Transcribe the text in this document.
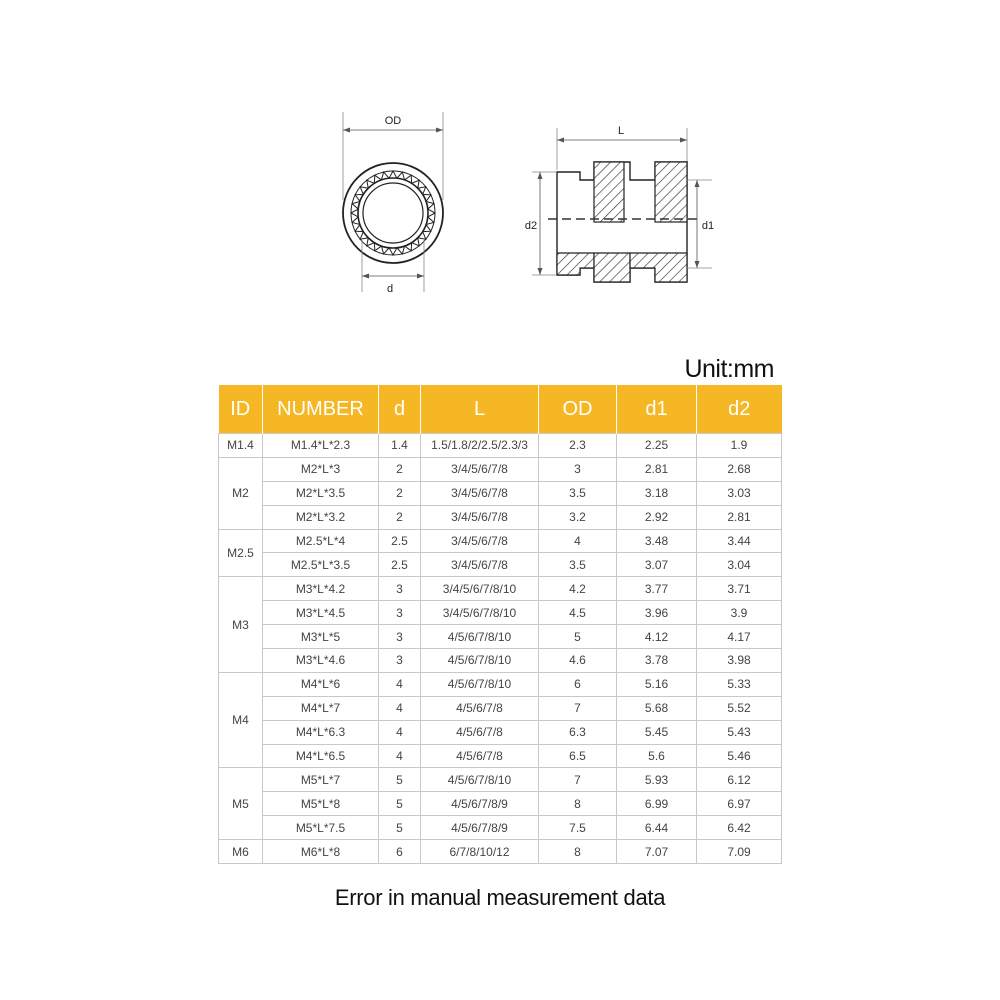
OD
d
L
d2	d1
Unit:mm
ID	NUMBER	d	L	OD	d1	d2
M1.4	M1.4*L*2.3	1.4	1.5/1.8/2/2.5/2.3/3	2.3	2.25	1.9
M2	M2*L*3	2	3/4/5/6/7/8	3	2.81	2.68
	M2*L*3.5	2	3/4/5/6/7/8	3.5	3.18	3.03
	M2*L*3.2	2	3/4/5/6/7/8	3.2	2.92	2.81
M2.5	M2.5*L*4	2.5	3/4/5/6/7/8	4	3.48	3.44
	M2.5*L*3.5	2.5	3/4/5/6/7/8	3.5	3.07	3.04
M3	M3*L*4.2	3	3/4/5/6/7/8/10	4.2	3.77	3.71
	M3*L*4.5	3	3/4/5/6/7/8/10	4.5	3.96	3.9
	M3*L*5	3	4/5/6/7/8/10	5	4.12	4.17
	M3*L*4.6	3	4/5/6/7/8/10	4.6	3.78	3.98
M4	M4*L*6	4	4/5/6/7/8/10	6	5.16	5.33
	M4*L*7	4	4/5/6/7/8	7	5.68	5.52
	M4*L*6.3	4	4/5/6/7/8	6.3	5.45	5.43
	M4*L*6.5	4	4/5/6/7/8	6.5	5.6	5.46
M5	M5*L*7	5	4/5/6/7/8/10	7	5.93	6.12
	M5*L*8	5	4/5/6/7/8/9	8	6.99	6.97
	M5*L*7.5	5	4/5/6/7/8/9	7.5	6.44	6.42
M6	M6*L*8	6	6/7/8/10/12	8	7.07	7.09
Error in manual measurement data
